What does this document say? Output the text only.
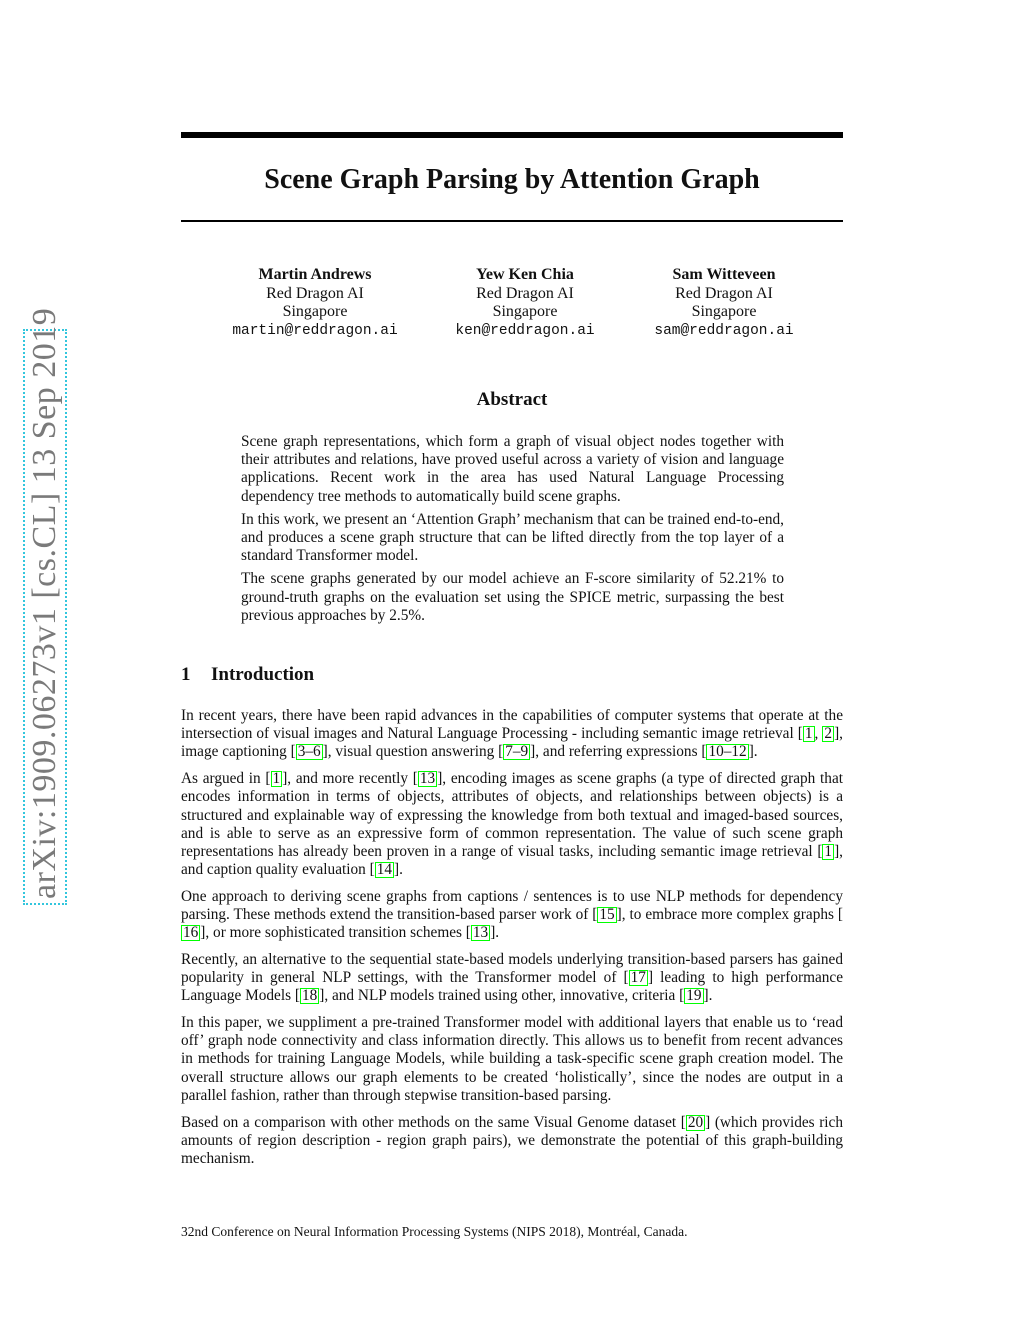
arXiv:1909.06273v1 [cs.CL] 13 Sep 2019
Scene Graph Parsing by Attention Graph
Martin Andrews
Red Dragon AI
Singapore
martin@reddragon.ai
Yew Ken Chia
Red Dragon AI
Singapore
ken@reddragon.ai
Sam Witteveen
Red Dragon AI
Singapore
sam@reddragon.ai
Abstract

Scene graph representations, which form a graph of visual object nodes together with their attributes and relations, have proved useful across a variety of vision and language applications. Recent work in the area has used Natural Language Processing dependency tree methods to automatically build scene graphs.

In this work, we present an ‘Attention Graph’ mechanism that can be trained end-to-end, and produces a scene graph structure that can be lifted directly from the top layer of a standard Transformer model.

The scene graphs generated by our model achieve an F-score similarity of 52.21% to ground-truth graphs on the evaluation set using the SPICE metric, surpassing the best previous approaches by 2.5%.

1 Introduction

In recent years, there have been rapid advances in the capabilities of computer systems that operate at the intersection of visual images and Natural Language Processing - including semantic image retrieval [ 1 , 2 ], image captioning [ 3–6 ], visual question answering [ 7–9 ], and referring expressions [ 10–12 ].

As argued in [ 1 ], and more recently [ 13 ], encoding images as scene graphs (a type of directed graph that encodes information in terms of objects, attributes of objects, and relationships between objects) is a structured and explainable way of expressing the knowledge from both textual and imaged-based sources, and is able to serve as an expressive form of common representation. The value of such scene graph representations has already been proven in a range of visual tasks, including semantic image retrieval [ 1 ], and caption quality evaluation [ 14 ].

One approach to deriving scene graphs from captions / sentences is to use NLP methods for dependency parsing. These methods extend the transition-based parser work of [ 15 ], to embrace more complex graphs [16 ], or more sophisticated transition schemes [ 13 ].

Recently, an alternative to the sequential state-based models underlying transition-based parsers has gained popularity in general NLP settings, with the Transformer model of [ 17 ] leading to high performance Language Models [ 18 ], and NLP models trained using other, innovative, criteria [ 19 ].

In this paper, we suppliment a pre-trained Transformer model with additional layers that enable us to ‘read off’ graph node connectivity and class information directly. This allows us to benefit from recent advances in methods for training Language Models, while building a task-specific scene graph creation model. The overall structure allows our graph elements to be created ‘holistically’, since the nodes are output in a parallel fashion, rather than through stepwise transition-based parsing.

Based on a comparison with other methods on the same Visual Genome dataset [ 20 ] (which provides rich amounts of region description - region graph pairs), we demonstrate the potential of this graph-building mechanism.

32nd Conference on Neural Information Processing Systems (NIPS 2018), Montréal, Canada.
